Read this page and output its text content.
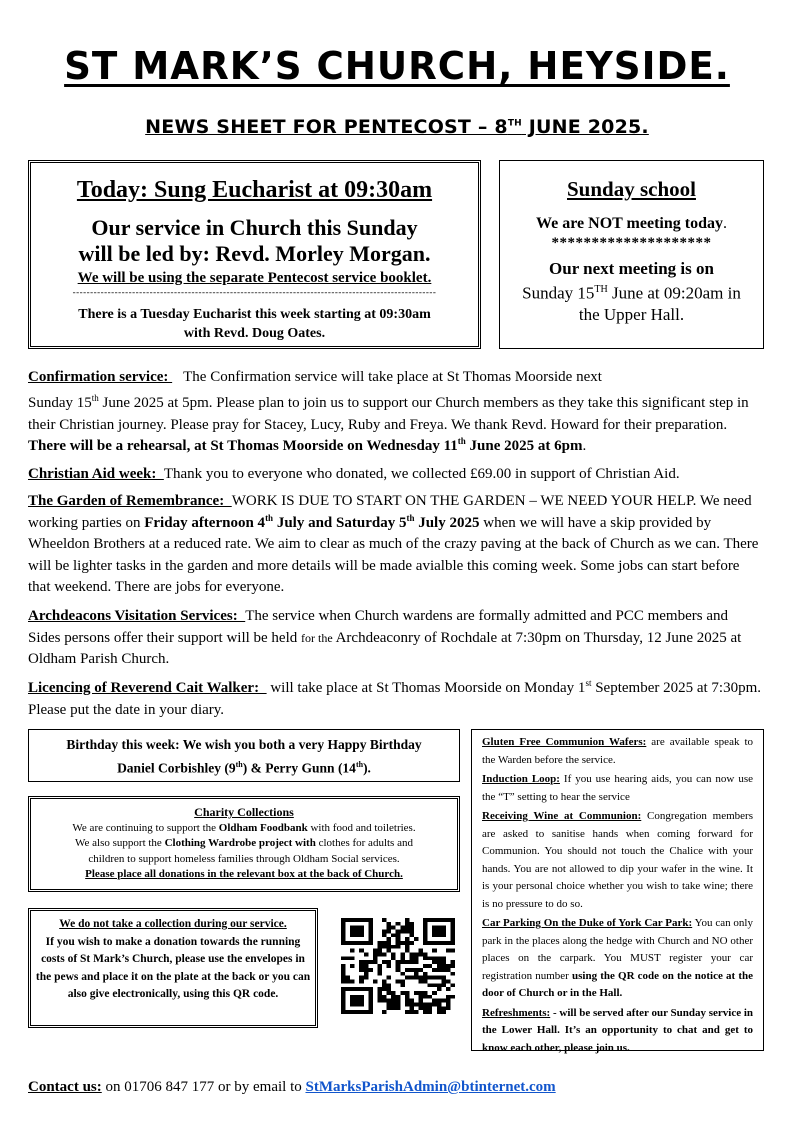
ST MARK’S CHURCH, HEYSIDE.
NEWS SHEET FOR PENTECOST – 8TH JUNE 2025.
Today: Sung Eucharist at 09:30am
Our service in Church this Sunday
will be led by: Revd. Morley Morgan.
We will be using the separate Pentecost service booklet.
--------------------------------------------------------------------------------------------------------
There is a Tuesday Eucharist this week starting at 09:30am
with Revd. Doug Oates.
Sunday school
We are NOT meeting today.
********************
Our next meeting is on
Sunday 15TH June at 09:20am in
the Upper Hall.
Confirmation service:    The Confirmation service will take place at St Thomas Moorside next
Sunday 15th June 2025 at 5pm. Please plan to join us to support our Church members as they take this significant step in their Christian journey. Please pray for Stacey, Lucy, Ruby and Freya. We thank Revd. Howard for their preparation. There will be a rehearsal, at St Thomas Moorside on Wednesday 11th June 2025 at 6pm.
Christian Aid week:  Thank you to everyone who donated, we collected £69.00 in support of Christian Aid.
The Garden of Remembrance:  WORK IS DUE TO START ON THE GARDEN – WE NEED YOUR HELP. We need working parties on Friday afternoon 4th July and Saturday 5th July 2025 when we will have a skip provided by Wheeldon Brothers at a reduced rate. We aim to clear as much of the crazy paving at the back of Church as we can. There will be lighter tasks in the garden and more details will be made avialble this coming week. Some jobs can start before that weekend. There are jobs for everyone.
Archdeacons Visitation Services:  The service when Church wardens are formally admitted and PCC members and Sides persons offer their support will be held for the Archdeaconry of Rochdale at 7:30pm on Thursday, 12 June 2025 at Oldham Parish Church.
Licencing of Reverend Cait Walker:   will take place at St Thomas Moorside on Monday 1st September 2025 at 7:30pm. Please put the date in your diary.
Birthday this week: We wish you both a very Happy Birthday
Daniel Corbishley (9th) & Perry Gunn (14th).
Charity Collections
We are continuing to support the Oldham Foodbank with food and toiletries.
We also support the Clothing Wardrobe project with clothes for adults and
children to support homeless families through Oldham Social services.
Please place all donations in the relevant box at the back of Church.
We do not take a collection during our service.
If you wish to make a donation towards the running costs of St Mark’s Church, please use the envelopes in the pews and place it on the plate at the back or you can also give electronically, using this QR code.

Gluten Free Communion Wafers: are available speak to the Warden before the service.

Induction Loop: If you use hearing aids, you can now use the “T” setting to hear the service

Receiving Wine at Communion: Congregation members are asked to sanitise hands when coming forward for Communion. You should not touch the Chalice with your hands. You are not allowed to dip your wafer in the wine. It is your personal choice whether you wish to take wine; there is no pressure to do so.

Car Parking On the Duke of York Car Park: You can only park in the places along the hedge with Church and NO other places on the carpark. You MUST register your car registration number using the QR code on the notice at the door of Church or in the Hall.

Refreshments: - will be served after our Sunday service in the Lower Hall. It’s an opportunity to chat and get to know each other, please join us.

Contact us: on 01706 847 177 or by email to StMarksParishAdmin@btinternet.com
